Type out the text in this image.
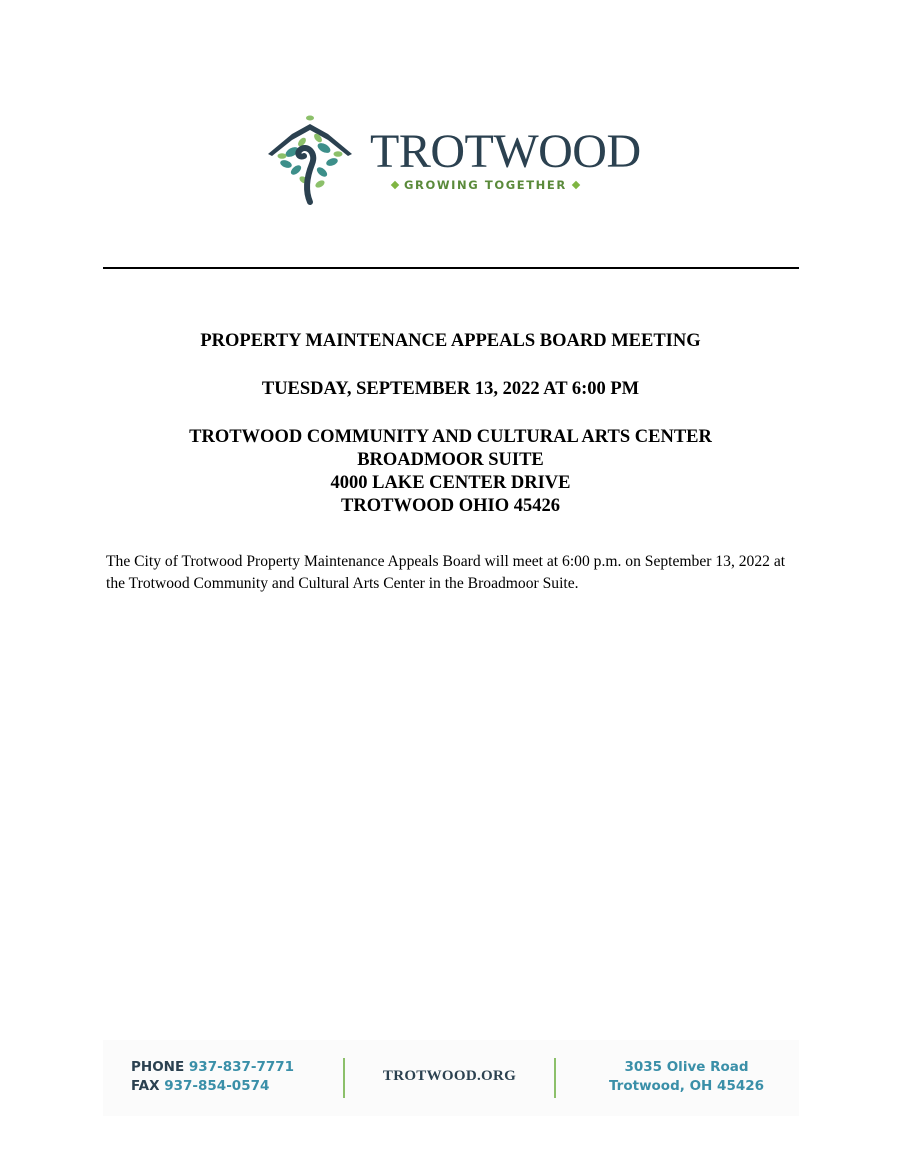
TROTWOOD
GROWING TOGETHER
PROPERTY MAINTENANCE APPEALS BOARD MEETING
TUESDAY, SEPTEMBER 13, 2022 AT 6:00 PM
TROTWOOD COMMUNITY AND CULTURAL ARTS CENTER
BROADMOOR SUITE
4000 LAKE CENTER DRIVE
TROTWOOD OHIO 45426
The City of Trotwood Property Maintenance Appeals Board will meet at 6:00 p.m. on September 13, 2022 at the Trotwood Community and Cultural Arts Center in the Broadmoor Suite.
PHONE 937-837-7771
FAX 937-854-0574
TROTWOOD.ORG
3035 Olive Road
Trotwood, OH 45426
